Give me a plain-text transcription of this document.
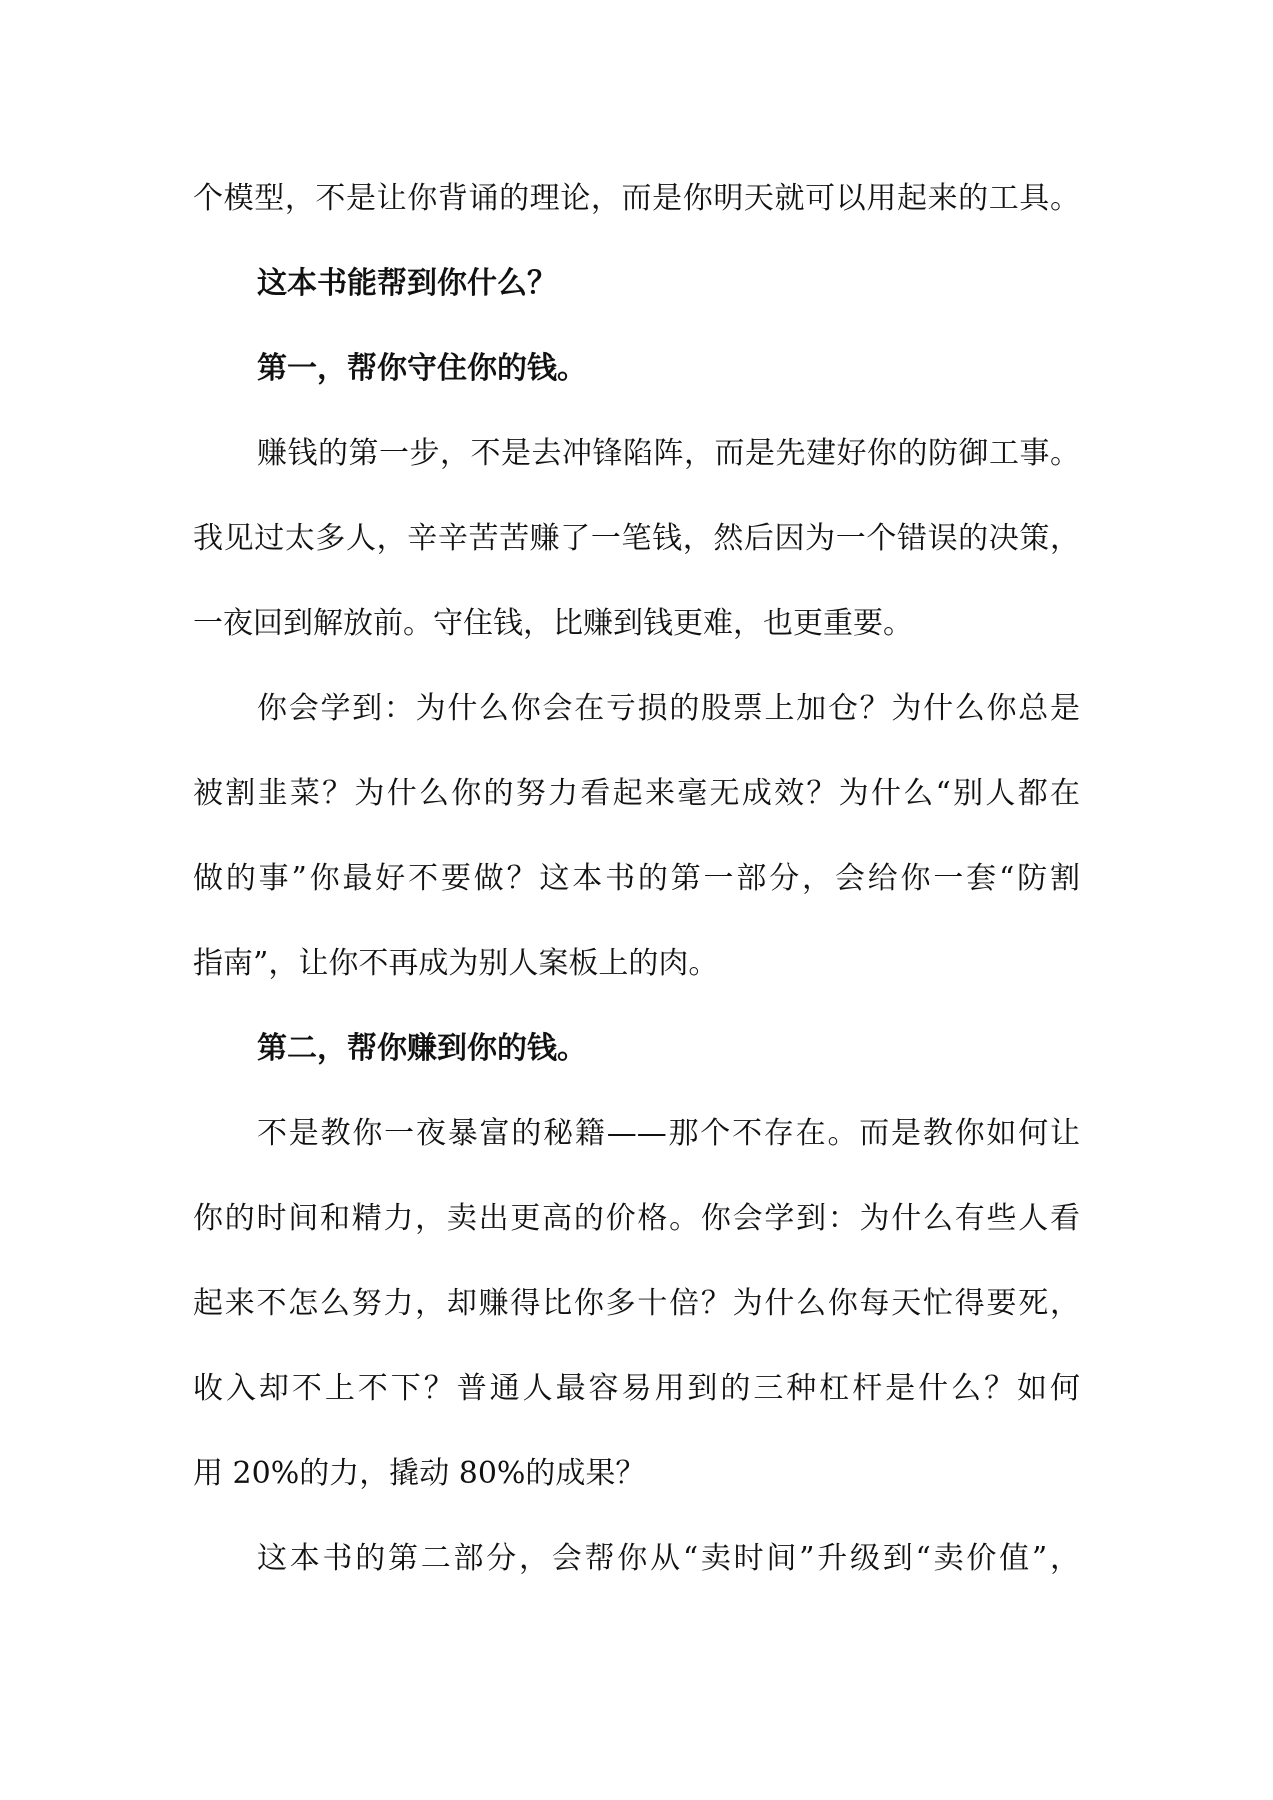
个模型，不是让你背诵的理论，而是你明天就可以用起来的工具。
这本书能帮到你什么？
第一，帮你守住你的钱。
赚钱的第一步，不是去冲锋陷阵，而是先建好你的防御工事。
我见过太多人，辛辛苦苦赚了一笔钱，然后因为一个错误的决策，
一夜回到解放前。守住钱，比赚到钱更难，也更重要。
你会学到：为什么你会在亏损的股票上加仓？为什么你总是
被割韭菜？为什么你的努力看起来毫无成效？为什么“别人都在
做的事”你最好不要做？这本书的第一部分，会给你一套“防割
指南”，让你不再成为别人案板上的肉。
第二，帮你赚到你的钱。
不是教你一夜暴富的秘籍——那个不存在。而是教你如何让
你的时间和精力，卖出更高的价格。你会学到：为什么有些人看
起来不怎么努力，却赚得比你多十倍？为什么你每天忙得要死，
收入却不上不下？普通人最容易用到的三种杠杆是什么？如何
用 20%的力，撬动 80%的成果？
这本书的第二部分，会帮你从“卖时间”升级到“卖价值”，
